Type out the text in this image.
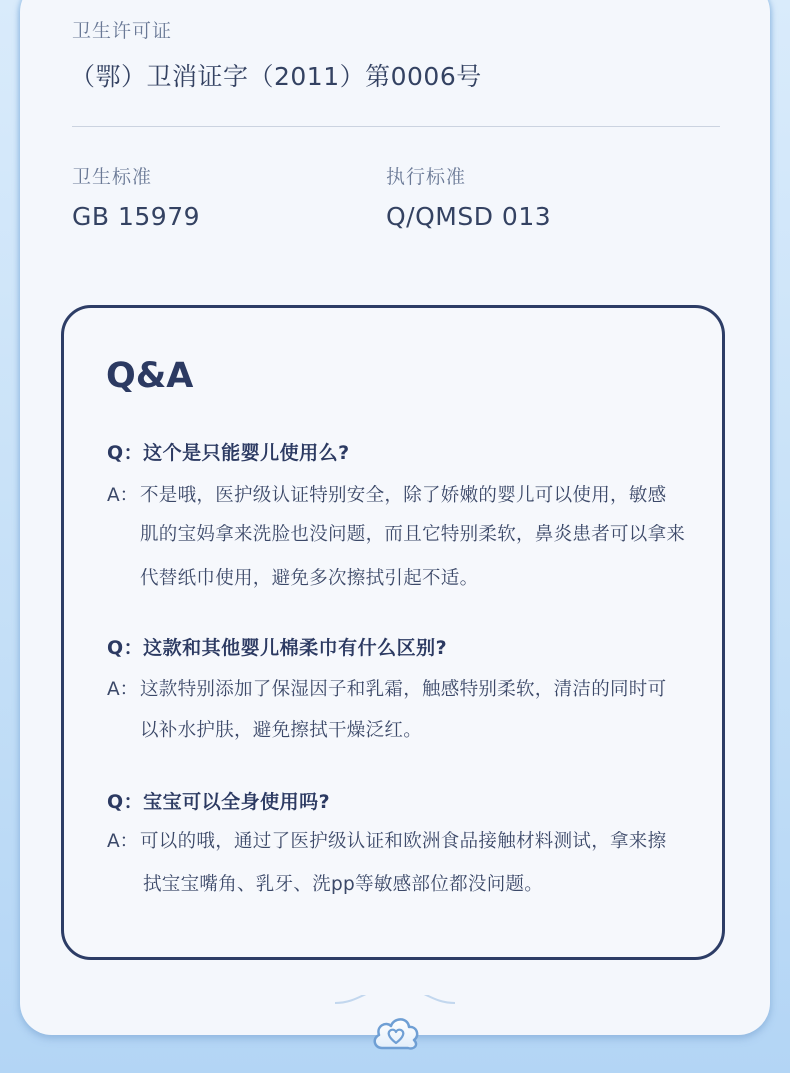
卫生许可证
（鄂）卫消证字（2011）第0006号
卫生标准
GB 15979
执行标准
Q/QMSD 013
Q&A
Q：这个是只能婴儿使用么?
A： 不是哦，医护级认证特别安全，除了娇嫩的婴儿可以使用，敏感
肌的宝妈拿来洗脸也没问题，而且它特别柔软，鼻炎患者可以拿来
代替纸巾使用，避免多次擦拭引起不适。
Q：这款和其他婴儿棉柔巾有什么区别?
A： 这款特别添加了保湿因子和乳霜，触感特别柔软，清洁的同时可
以补水护肤，避免擦拭干燥泛红。
Q：宝宝可以全身使用吗?
A： 可以的哦，通过了医护级认证和欧洲食品接触材料测试，拿来擦
拭宝宝嘴角、乳牙、洗pp等敏感部位都没问题。
